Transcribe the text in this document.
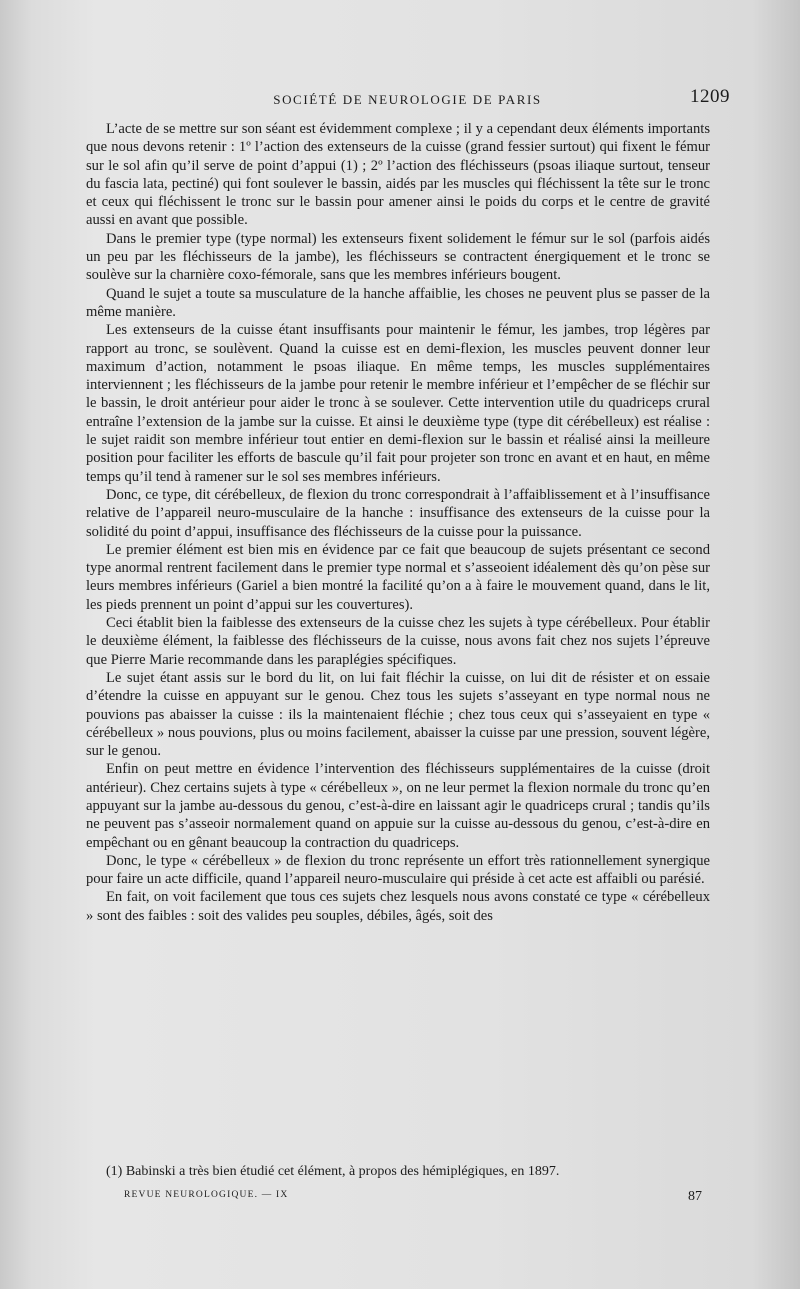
SOCIÉTÉ DE NEUROLOGIE DE PARIS	1209

L’acte de se mettre sur son séant est évidemment complexe ; il y a cependant deux éléments importants que nous devons retenir : 1º l’action des extenseurs de la cuisse (grand fessier surtout) qui fixent le fémur sur le sol afin qu’il serve de point d’appui (1) ; 2º l’action des fléchisseurs (psoas iliaque surtout, tenseur du fascia lata, pectiné) qui font soulever le bassin, aidés par les muscles qui fléchissent la tête sur le tronc et ceux qui fléchissent le tronc sur le bassin pour amener ainsi le poids du corps et le centre de gravité aussi en avant que possible.

Dans le premier type (type normal) les extenseurs fixent solidement le fémur sur le sol (parfois aidés un peu par les fléchisseurs de la jambe), les fléchisseurs se contractent énergiquement et le tronc se soulève sur la charnière coxo-fémorale, sans que les membres inférieurs bougent.

Quand le sujet a toute sa musculature de la hanche affaiblie, les choses ne peuvent plus se passer de la même manière.

Les extenseurs de la cuisse étant insuffisants pour maintenir le fémur, les jambes, trop légères par rapport au tronc, se soulèvent. Quand la cuisse est en demi-flexion, les muscles peuvent donner leur maximum d’action, notamment le psoas iliaque. En même temps, les muscles supplémentaires interviennent ; les fléchisseurs de la jambe pour retenir le membre inférieur et l’empêcher de se fléchir sur le bassin, le droit antérieur pour aider le tronc à se soulever. Cette intervention utile du quadriceps crural entraîne l’extension de la jambe sur la cuisse. Et ainsi le deuxième type (type dit cérébelleux) est réalise : le sujet raidit son membre inférieur tout entier en demi-flexion sur le bassin et réalisé ainsi la meilleure position pour faciliter les efforts de bascule qu’il fait pour projeter son tronc en avant et en haut, en même temps qu’il tend à ramener sur le sol ses membres inférieurs.

Donc, ce type, dit cérébelleux, de flexion du tronc correspondrait à l’affaiblissement et à l’insuffisance relative de l’appareil neuro-musculaire de la hanche : insuffisance des extenseurs de la cuisse pour la solidité du point d’appui, insuffisance des fléchisseurs de la cuisse pour la puissance.

Le premier élément est bien mis en évidence par ce fait que beaucoup de sujets présentant ce second type anormal rentrent facilement dans le premier type normal et s’asseoient idéalement dès qu’on pèse sur leurs membres inférieurs (Gariel a bien montré la facilité qu’on a à faire le mouvement quand, dans le lit, les pieds prennent un point d’appui sur les couvertures).

Ceci établit bien la faiblesse des extenseurs de la cuisse chez les sujets à type cérébelleux. Pour établir le deuxième élément, la faiblesse des fléchisseurs de la cuisse, nous avons fait chez nos sujets l’épreuve que Pierre Marie recommande dans les paraplégies spécifiques.

Le sujet étant assis sur le bord du lit, on lui fait fléchir la cuisse, on lui dit de résister et on essaie d’étendre la cuisse en appuyant sur le genou. Chez tous les sujets s’asseyant en type normal nous ne pouvions pas abaisser la cuisse : ils la maintenaient fléchie ; chez tous ceux qui s’asseyaient en type « cérébelleux » nous pouvions, plus ou moins facilement, abaisser la cuisse par une pression, souvent légère, sur le genou.

Enfin on peut mettre en évidence l’intervention des fléchisseurs supplémentaires de la cuisse (droit antérieur). Chez certains sujets à type « cérébelleux », on ne leur permet la flexion normale du tronc qu’en appuyant sur la jambe au-dessous du genou, c’est-à-dire en laissant agir le quadriceps crural ; tandis qu’ils ne peuvent pas s’asseoir normalement quand on appuie sur la cuisse au-dessous du genou, c’est-à-dire en empêchant ou en gênant beaucoup la contraction du quadriceps.

Donc, le type « cérébelleux » de flexion du tronc représente un effort très rationnellement synergique pour faire un acte difficile, quand l’appareil neuro-musculaire qui préside à cet acte est affaibli ou parésié.

En fait, on voit facilement que tous ces sujets chez lesquels nous avons constaté ce type « cérébelleux » sont des faibles : soit des valides peu souples, débiles, âgés, soit des

(1) Babinski a très bien étudié cet élément, à propos des hémiplégiques, en 1897.
REVUE NEUROLOGIQUE. — IX	87
